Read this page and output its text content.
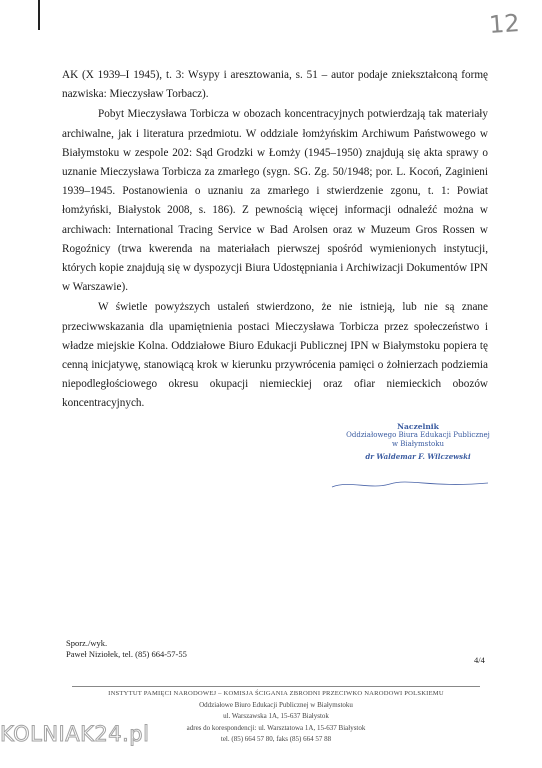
12

AK (X 1939–I 1945), t. 3: Wsypy i aresztowania, s. 51 – autor podaje zniekształconą formę nazwiska: Mieczysław Torbacz).

Pobyt Mieczysława Torbicza w obozach koncentracyjnych potwierdzają tak materiały archiwalne, jak i literatura przedmiotu. W oddziale łomżyńskim Archiwum Państwowego w Białymstoku w zespole 202: Sąd Grodzki w Łomży (1945–1950) znajdują się akta sprawy o uznanie Mieczysława Torbicza za zmarłego (sygn. SG. Zg. 50/1948; por. L. Kocoń, Zaginieni 1939–1945. Postanowienia o uznaniu za zmarłego i stwierdzenie zgonu, t. 1: Powiat łomżyński, Białystok 2008, s. 186). Z pewnością więcej informacji odnaleźć można w archiwach: International Tracing Service w Bad Arolsen oraz w Muzeum Gros Rossen w Rogoźnicy (trwa kwerenda na materiałach pierwszej spośród wymienionych instytucji, których kopie znajdują się w dyspozycji Biura Udostępniania i Archiwizacji Dokumentów IPN w Warszawie).

W świetle powyższych ustaleń stwierdzono, że nie istnieją, lub nie są znane przeciwwskazania dla upamiętnienia postaci Mieczysława Torbicza przez społeczeństwo i władze miejskie Kolna. Oddziałowe Biuro Edukacji Publicznej IPN w Białymstoku popiera tę cenną inicjatywę, stanowiącą krok w kierunku przywrócenia pamięci o żołnierzach podziemia niepodległościowego okresu okupacji niemieckiej oraz ofiar niemieckich obozów koncentracyjnych.

Naczelnik
Oddziałowego Biura Edukacji Publicznej
w Białymstoku
dr Waldemar F. Wilczewski
Sporz./wyk.
Paweł Niziołek, tel. (85) 664-57-55
4/4
INSTYTUT PAMIĘCI NARODOWEJ – KOMISJA ŚCIGANIA ZBRODNI PRZECIWKO NARODOWI POLSKIEMU
Oddziałowe Biuro Edukacji Publicznej w Białymstoku
ul. Warszawska 1A, 15-637 Białystok
adres do korespondencji: ul. Warsztatowa 1A, 15-637 Białystok
tel. (85) 664 57 80, faks (85) 664 57 88
KOLNIAK24.pl
